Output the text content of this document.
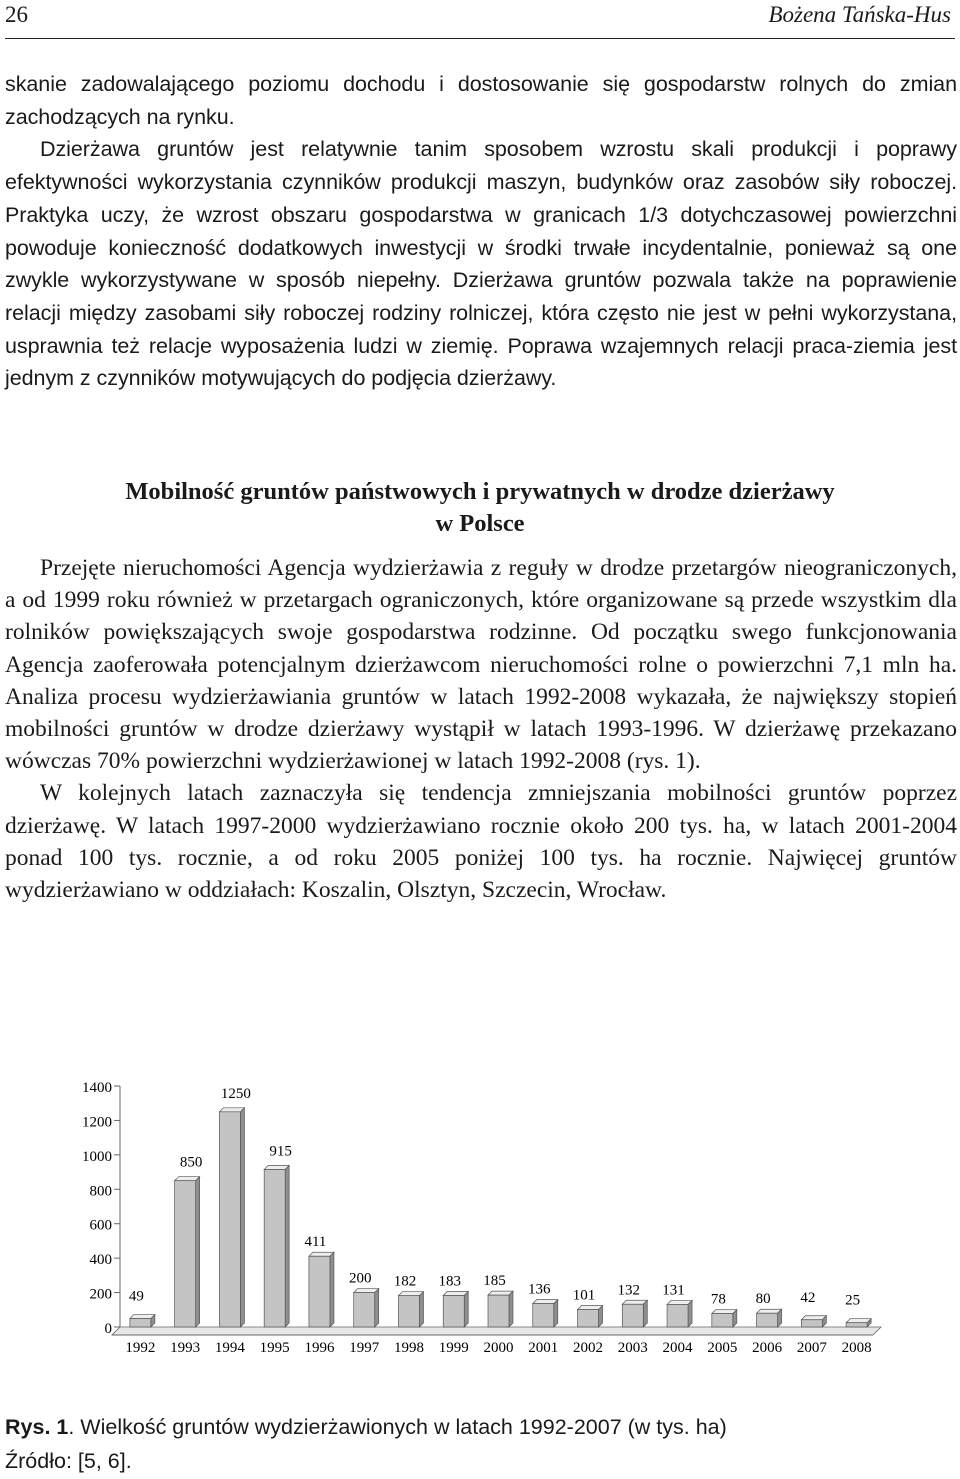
26	Bożena Tańska-Hus

skanie zadowalającego poziomu dochodu i dostosowanie się gospodarstw rolnych do zmian zachodzących na rynku.

Dzierżawa gruntów jest relatywnie tanim sposobem wzrostu skali produkcji i poprawy efektywności wykorzystania czynników produkcji maszyn, budynków oraz zasobów siły roboczej. Praktyka uczy, że wzrost obszaru gospodarstwa w granicach 1/3 dotychczasowej powierzchni powoduje konieczność dodatkowych inwestycji w środki trwałe incydentalnie, ponieważ są one zwykle wykorzystywane w sposób niepełny. Dzierżawa gruntów pozwala także na poprawienie relacji między zasobami siły roboczej rodziny rolniczej, która często nie jest w pełni wykorzystana, usprawnia też relacje wyposażenia ludzi w ziemię. Poprawa wzajemnych relacji praca-ziemia jest jednym z czynników motywujących do podjęcia dzierżawy.

Mobilność gruntów państwowych i prywatnych w drodze dzierżawy
w Polsce

Przejęte nieruchomości Agencja wydzierżawia z reguły w drodze przetargów nieograniczonych, a od 1999 roku również w przetargach ograniczonych, które organizowane są przede wszystkim dla rolników powiększających swoje gospodarstwa rodzinne. Od początku swego funkcjonowania Agencja zaoferowała potencjalnym dzierżawcom nieruchomości rolne o powierzchni 7,1 mln ha. Analiza procesu wydzierżawiania gruntów w latach 1992-2008 wykazała, że największy stopień mobilności gruntów w drodze dzierżawy wystąpił w latach 1993-1996. W dzierżawę przekazano wówczas 70% powierzchni wydzierżawionej w latach 1992-2008 (rys. 1).

W kolejnych latach zaznaczyła się tendencja zmniejszania mobilności gruntów poprzez dzierżawę. W latach 1997-2000 wydzierżawiano rocznie około 200 tys. ha, w latach 2001-2004 ponad 100 tys. rocznie, a od roku 2005 poniżej 100 tys. ha rocznie. Najwięcej gruntów wydzierżawiano w oddziałach: Koszalin, Olsztyn, Szczecin, Wrocław.

0
200
400
600
800
1000
1200
1400
49
1992
850
1993
1250
1994
915
1995
411
1996
200
1997
182
1998
183
1999
185
2000
136
2001
101
2002
132
2003
131
2004
78
2005
80
2006
42
2007
25
2008
Rys. 1. Wielkość gruntów wydzierżawionych w latach 1992-2007 (w tys. ha)
Źródło: [5, 6].
